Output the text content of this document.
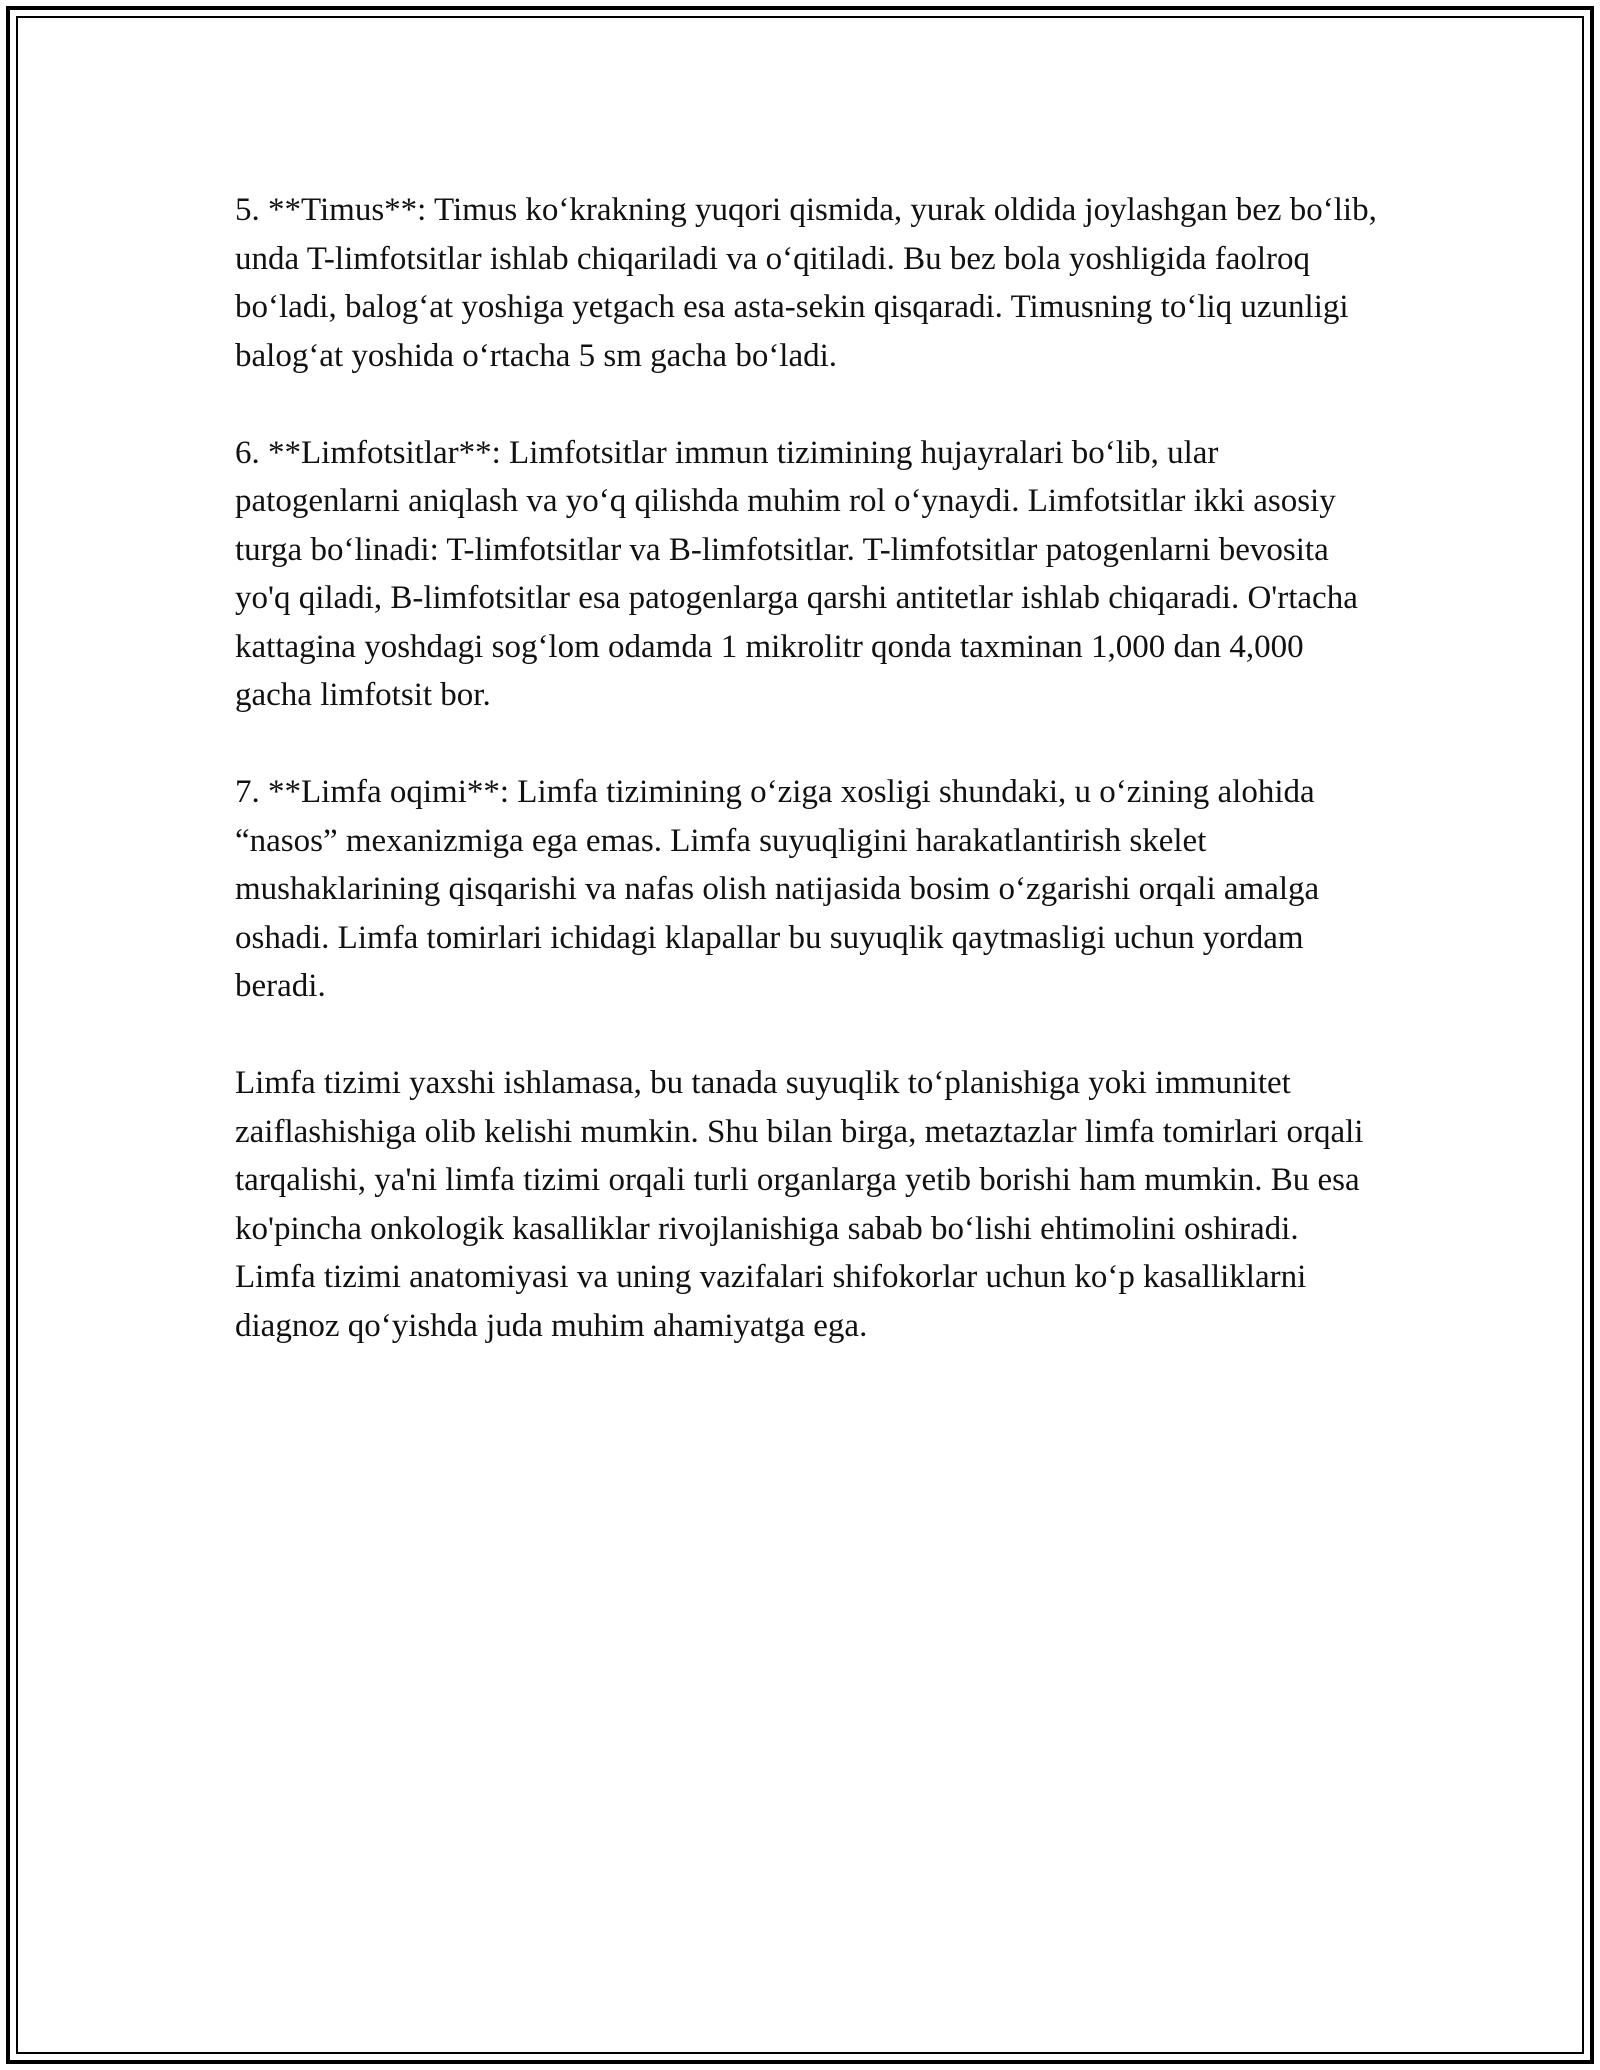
5. **Timus**: Timus ko‘krakning yuqori qismida, yurak oldida joylashgan bez bo‘lib, unda T-limfotsitlar ishlab chiqariladi va o‘qitiladi. Bu bez bola yoshligida faolroq bo‘ladi, balog‘at yoshiga yetgach esa asta-sekin qisqaradi. Timusning to‘liq uzunligi balog‘at yoshida o‘rtacha 5 sm gacha bo‘ladi.

6. **Limfotsitlar**: Limfotsitlar immun tizimining hujayralari bo‘lib, ular patogenlarni aniqlash va yo‘q qilishda muhim rol o‘ynaydi. Limfotsitlar ikki asosiy turga bo‘linadi: T-limfotsitlar va B-limfotsitlar. T-limfotsitlar patogenlarni bevosita yo'q qiladi, B-limfotsitlar esa patogenlarga qarshi antitetlar ishlab chiqaradi. O'rtacha kattagina yoshdagi sog‘lom odamda 1 mikrolitr qonda taxminan 1,000 dan 4,000 gacha limfotsit bor.

7. **Limfa oqimi**: Limfa tizimining o‘ziga xosligi shundaki, u o‘zining alohida “nasos” mexanizmiga ega emas. Limfa suyuqligini harakatlantirish skelet mushaklarining qisqarishi va nafas olish natijasida bosim o‘zgarishi orqali amalga oshadi. Limfa tomirlari ichidagi klapallar bu suyuqlik qaytmasligi uchun yordam beradi.

Limfa tizimi yaxshi ishlamasa, bu tanada suyuqlik to‘planishiga yoki immunitet zaiflashishiga olib kelishi mumkin. Shu bilan birga, metaztazlar limfa tomirlari orqali tarqalishi, ya'ni limfa tizimi orqali turli organlarga yetib borishi ham mumkin. Bu esa ko'pincha onkologik kasalliklar rivojlanishiga sabab bo‘lishi ehtimolini oshiradi. Limfa tizimi anatomiyasi va uning vazifalari shifokorlar uchun ko‘p kasalliklarni diagnoz qo‘yishda juda muhim ahamiyatga ega.
